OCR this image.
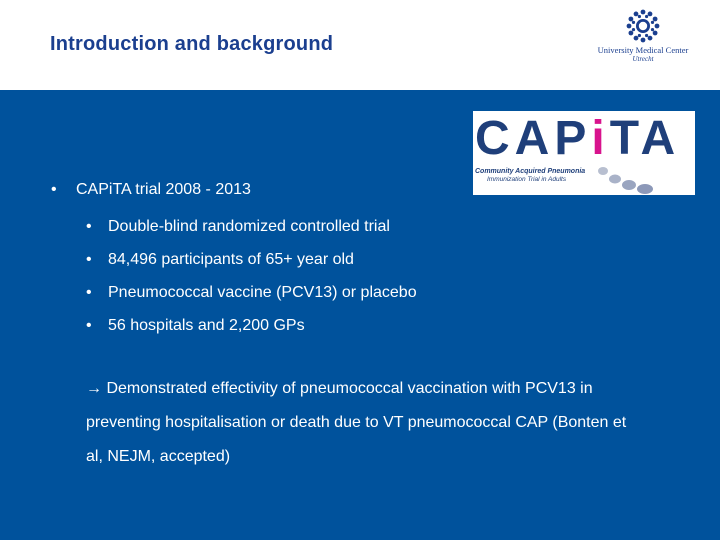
Introduction and background	University Medical Center
Utrecht
CAPiTA
Community Acquired Pneumonia
Immunization Trial in Adults
• CAPiTA trial 2008 - 2013
• Double-blind randomized controlled trial
• 84,496 participants of 65+ year old
• Pneumococcal vaccine (PCV13) or placebo
• 56 hospitals and 2,200 GPs
→ Demonstrated effectivity of pneumococcal vaccination with PCV13 in preventing hospitalisation or death due to VT pneumococcal CAP (Bonten et al, NEJM, accepted)
